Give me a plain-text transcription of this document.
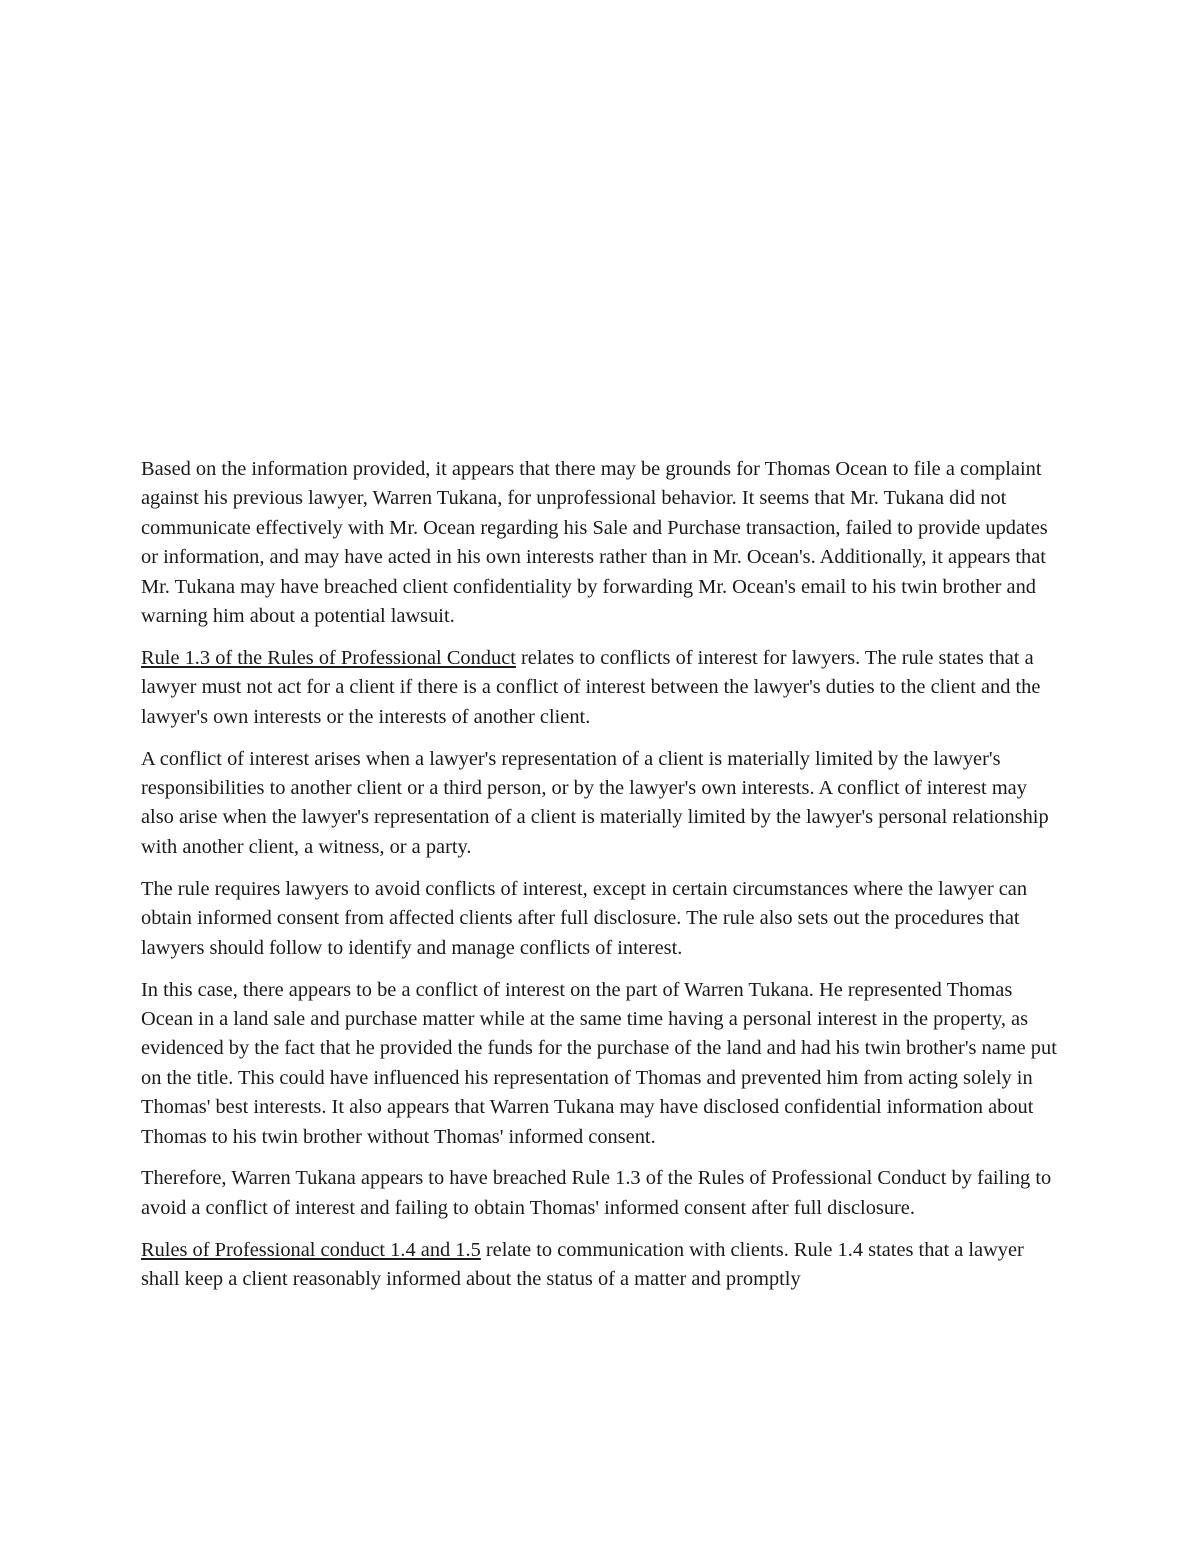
Based on the information provided, it appears that there may be grounds for Thomas Ocean to file a complaint against his previous lawyer, Warren Tukana, for unprofessional behavior. It seems that Mr. Tukana did not communicate effectively with Mr. Ocean regarding his Sale and Purchase transaction, failed to provide updates or information, and may have acted in his own interests rather than in Mr. Ocean's. Additionally, it appears that Mr. Tukana may have breached client confidentiality by forwarding Mr. Ocean's email to his twin brother and warning him about a potential lawsuit.

Rule 1.3 of the Rules of Professional Conduct relates to conflicts of interest for lawyers. The rule states that a lawyer must not act for a client if there is a conflict of interest between the lawyer's duties to the client and the lawyer's own interests or the interests of another client.

A conflict of interest arises when a lawyer's representation of a client is materially limited by the lawyer's responsibilities to another client or a third person, or by the lawyer's own interests. A conflict of interest may also arise when the lawyer's representation of a client is materially limited by the lawyer's personal relationship with another client, a witness, or a party.

The rule requires lawyers to avoid conflicts of interest, except in certain circumstances where the lawyer can obtain informed consent from affected clients after full disclosure. The rule also sets out the procedures that lawyers should follow to identify and manage conflicts of interest.

In this case, there appears to be a conflict of interest on the part of Warren Tukana. He represented Thomas Ocean in a land sale and purchase matter while at the same time having a personal interest in the property, as evidenced by the fact that he provided the funds for the purchase of the land and had his twin brother's name put on the title. This could have influenced his representation of Thomas and prevented him from acting solely in Thomas' best interests. It also appears that Warren Tukana may have disclosed confidential information about Thomas to his twin brother without Thomas' informed consent.

Therefore, Warren Tukana appears to have breached Rule 1.3 of the Rules of Professional Conduct by failing to avoid a conflict of interest and failing to obtain Thomas' informed consent after full disclosure.

Rules of Professional conduct 1.4 and 1.5 relate to communication with clients. Rule 1.4 states that a lawyer shall keep a client reasonably informed about the status of a matter and promptly
